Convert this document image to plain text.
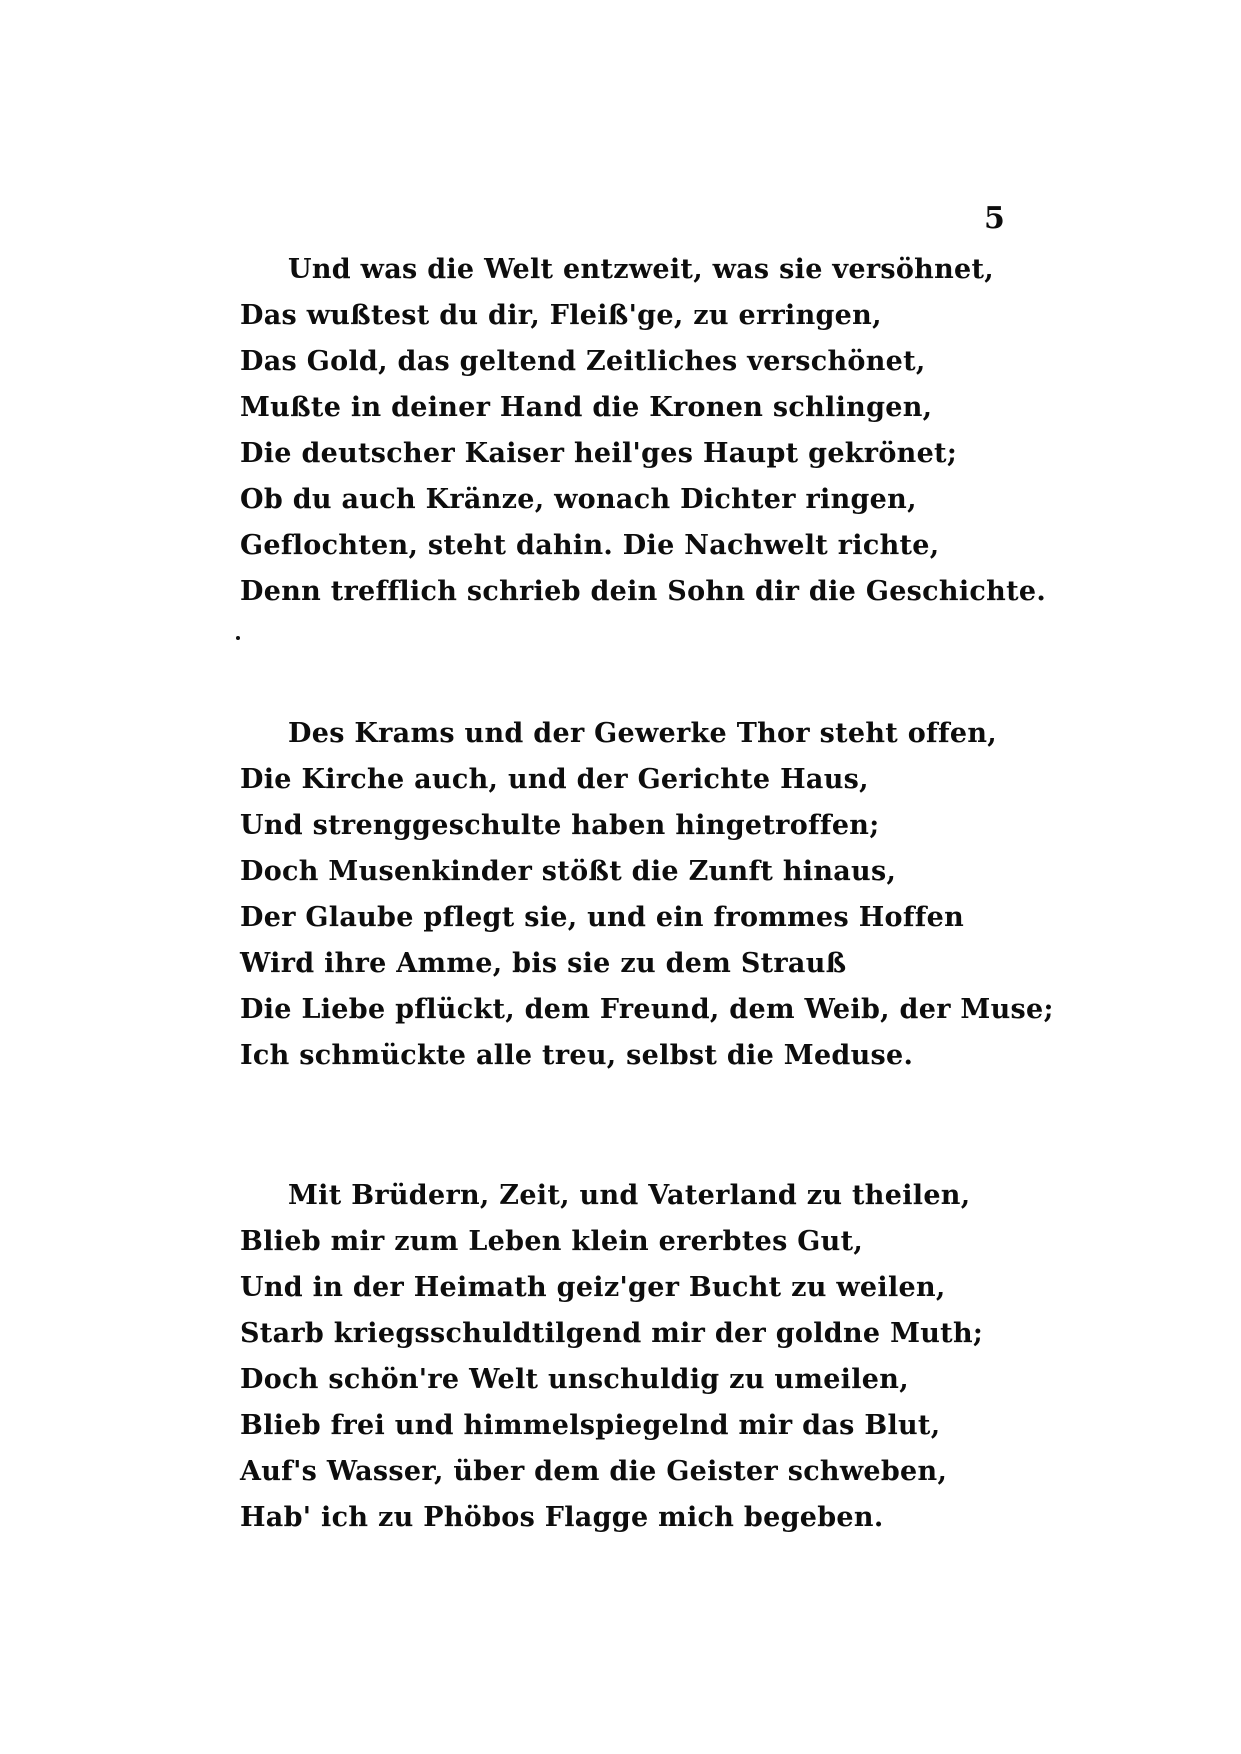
5
Und was die Welt entzweit, was sie versöhnet,
Das wußtest du dir, Fleiß'ge, zu erringen,
Das Gold, das geltend Zeitliches verschönet,
Mußte in deiner Hand die Kronen schlingen,
Die deutscher Kaiser heil'ges Haupt gekrönet;
Ob du auch Kränze, wonach Dichter ringen,
Geflochten, steht dahin. Die Nachwelt richte,
Denn trefflich schrieb dein Sohn dir die Geschichte.
Des Krams und der Gewerke Thor steht offen,
Die Kirche auch, und der Gerichte Haus,
Und strenggeschulte haben hingetroffen;
Doch Musenkinder stößt die Zunft hinaus,
Der Glaube pflegt sie, und ein frommes Hoffen
Wird ihre Amme, bis sie zu dem Strauß
Die Liebe pflückt, dem Freund, dem Weib, der Muse;
Ich schmückte alle treu, selbst die Meduse.
Mit Brüdern, Zeit, und Vaterland zu theilen,
Blieb mir zum Leben klein ererbtes Gut,
Und in der Heimath geiz'ger Bucht zu weilen,
Starb kriegsschuldtilgend mir der goldne Muth;
Doch schön're Welt unschuldig zu umeilen,
Blieb frei und himmelspiegelnd mir das Blut,
Auf's Wasser, über dem die Geister schweben,
Hab' ich zu Phöbos Flagge mich begeben.
